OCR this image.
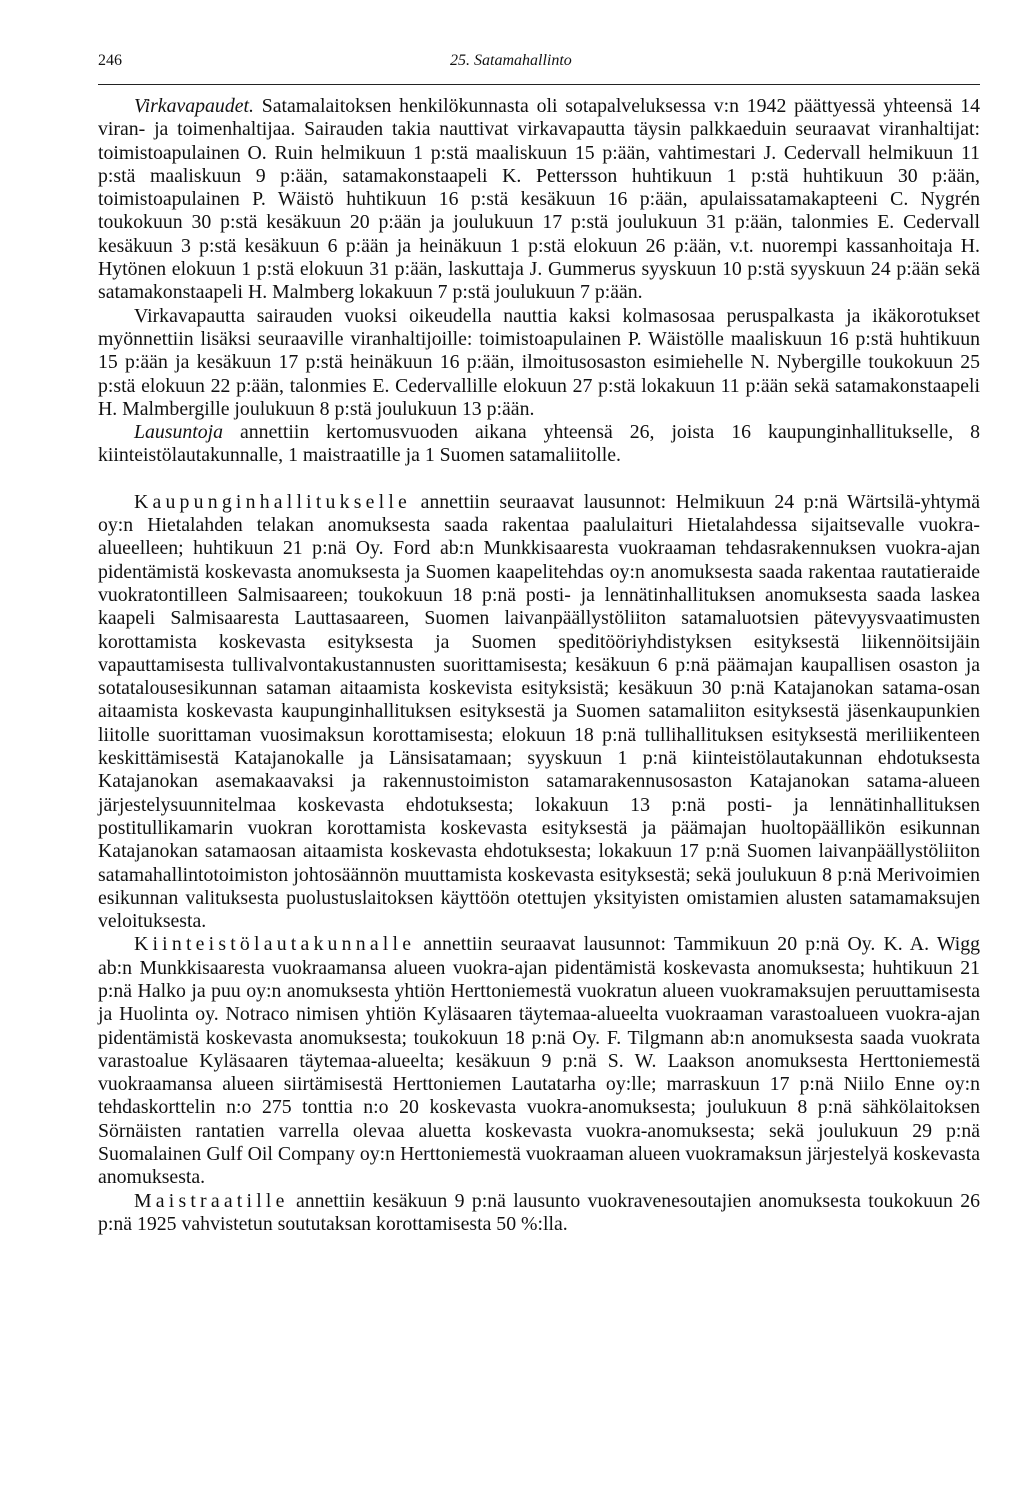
246	25. Satamahallinto

Virkavapaudet. Satamalaitoksen henkilökunnasta oli sotapalveluksessa v:n 1942 päättyessä yhteensä 14 viran- ja toimenhaltijaa. Sairauden takia nauttivat virkavapautta täysin palkkaeduin seuraavat viranhaltijat: toimistoapulainen O. Ruin helmikuun 1 p:stä maaliskuun 15 p:ään, vahtimestari J. Cedervall helmikuun 11 p:stä maaliskuun 9 p:ään, satamakonstaapeli K. Pettersson huhtikuun 1 p:stä huhtikuun 30 p:ään, toimistoapulainen P. Wäistö huhtikuun 16 p:stä kesäkuun 16 p:ään, apulaissatamakapteeni C. Nygrén toukokuun 30 p:stä kesäkuun 20 p:ään ja joulukuun 17 p:stä joulukuun 31 p:ään, talonmies E. Cedervall kesäkuun 3 p:stä kesäkuun 6 p:ään ja heinäkuun 1 p:stä elokuun 26 p:ään, v.t. nuorempi kassanhoitaja H. Hytönen elokuun 1 p:stä elokuun 31 p:ään, laskuttaja J. Gummerus syyskuun 10 p:stä syyskuun 24 p:ään sekä satamakonstaapeli H. Malmberg lokakuun 7 p:stä joulukuun 7 p:ään.

Virkavapautta sairauden vuoksi oikeudella nauttia kaksi kolmasosaa peruspalkasta ja ikäkorotukset myönnettiin lisäksi seuraaville viranhaltijoille: toimistoapulainen P. Wäistölle maaliskuun 16 p:stä huhtikuun 15 p:ään ja kesäkuun 17 p:stä heinäkuun 16 p:ään, ilmoitusosaston esimiehelle N. Nybergille toukokuun 25 p:stä elokuun 22 p:ään, talonmies E. Cedervallille elokuun 27 p:stä lokakuun 11 p:ään sekä satamakonstaapeli H. Malmbergille joulukuun 8 p:stä joulukuun 13 p:ään.

Lausuntoja annettiin kertomusvuoden aikana yhteensä 26, joista 16 kaupunginhallitukselle, 8 kiinteistölautakunnalle, 1 maistraatille ja 1 Suomen satamaliitolle.

Kaupunginhallitukselle annettiin seuraavat lausunnot: Helmikuun 24 p:nä Wärtsilä-yhtymä oy:n Hietalahden telakan anomuksesta saada rakentaa paalulaituri Hietalahdessa sijaitsevalle vuokra-alueelleen; huhtikuun 21 p:nä Oy. Ford ab:n Munkkisaaresta vuokraaman tehdasrakennuksen vuokra-ajan pidentämistä koskevasta anomuksesta ja Suomen kaapelitehdas oy:n anomuksesta saada rakentaa rautatieraide vuokratontilleen Salmisaareen; toukokuun 18 p:nä posti- ja lennätinhallituksen anomuksesta saada laskea kaapeli Salmisaaresta Lauttasaareen, Suomen laivanpäällystöliiton satamaluotsien pätevyysvaatimusten korottamista koskevasta esityksesta ja Suomen speditööriyhdistyksen esityksestä liikennöitsijäin vapauttamisesta tullivalvontakustannusten suorittamisesta; kesäkuun 6 p:nä päämajan kaupallisen osaston ja sotatalousesikunnan sataman aitaamista koskevista esityksistä; kesäkuun 30 p:nä Katajanokan satama-osan aitaamista koskevasta kaupunginhallituksen esityksestä ja Suomen satamaliiton esityksestä jäsenkaupunkien liitolle suorittaman vuosimaksun korottamisesta; elokuun 18 p:nä tullihallituksen esityksestä meriliikenteen keskittämisestä Katajanokalle ja Länsisatamaan; syyskuun 1 p:nä kiinteistölautakunnan ehdotuksesta Katajanokan asemakaavaksi ja rakennustoimiston satamarakennusosaston Katajanokan satama-alueen järjestelysuunnitelmaa koskevasta ehdotuksesta; lokakuun 13 p:nä posti- ja lennätinhallituksen postitullikamarin vuokran korottamista koskevasta esityksestä ja päämajan huoltopäällikön esikunnan Katajanokan satamaosan aitaamista koskevasta ehdotuksesta; lokakuun 17 p:nä Suomen laivanpäällystöliiton satamahallintotoimiston johtosäännön muuttamista koskevasta esityksestä; sekä joulukuun 8 p:nä Merivoimien esikunnan valituksesta puolustuslaitoksen käyttöön otettujen yksityisten omistamien alusten satamamaksujen veloituksesta.

Kiinteistölautakunnalle annettiin seuraavat lausunnot: Tammikuun 20 p:nä Oy. K. A. Wigg ab:n Munkkisaaresta vuokraamansa alueen vuokra-ajan pidentämistä koskevasta anomuksesta; huhtikuun 21 p:nä Halko ja puu oy:n anomuksesta yhtiön Herttoniemestä vuokratun alueen vuokramaksujen peruuttamisesta ja Huolinta oy. Notraco nimisen yhtiön Kyläsaaren täytemaa-alueelta vuokraaman varastoalueen vuokra-ajan pidentämistä koskevasta anomuksesta; toukokuun 18 p:nä Oy. F. Tilgmann ab:n anomuksesta saada vuokrata varastoalue Kyläsaaren täytemaa-alueelta; kesäkuun 9 p:nä S. W. Laakson anomuksesta Herttoniemestä vuokraamansa alueen siirtämisestä Herttoniemen Lautatarha oy:lle; marraskuun 17 p:nä Niilo Enne oy:n tehdaskorttelin n:o 275 tonttia n:o 20 koskevasta vuokra-anomuksesta; joulukuun 8 p:nä sähkölaitoksen Sörnäisten rantatien varrella olevaa aluetta koskevasta vuokra-anomuksesta; sekä joulukuun 29 p:nä Suomalainen Gulf Oil Company oy:n Herttoniemestä vuokraaman alueen vuokramaksun järjestelyä koskevasta anomuksesta.

Maistraatille annettiin kesäkuun 9 p:nä lausunto vuokravenesoutajien anomuksesta toukokuun 26 p:nä 1925 vahvistetun soututaksan korottamisesta 50 %:lla.
